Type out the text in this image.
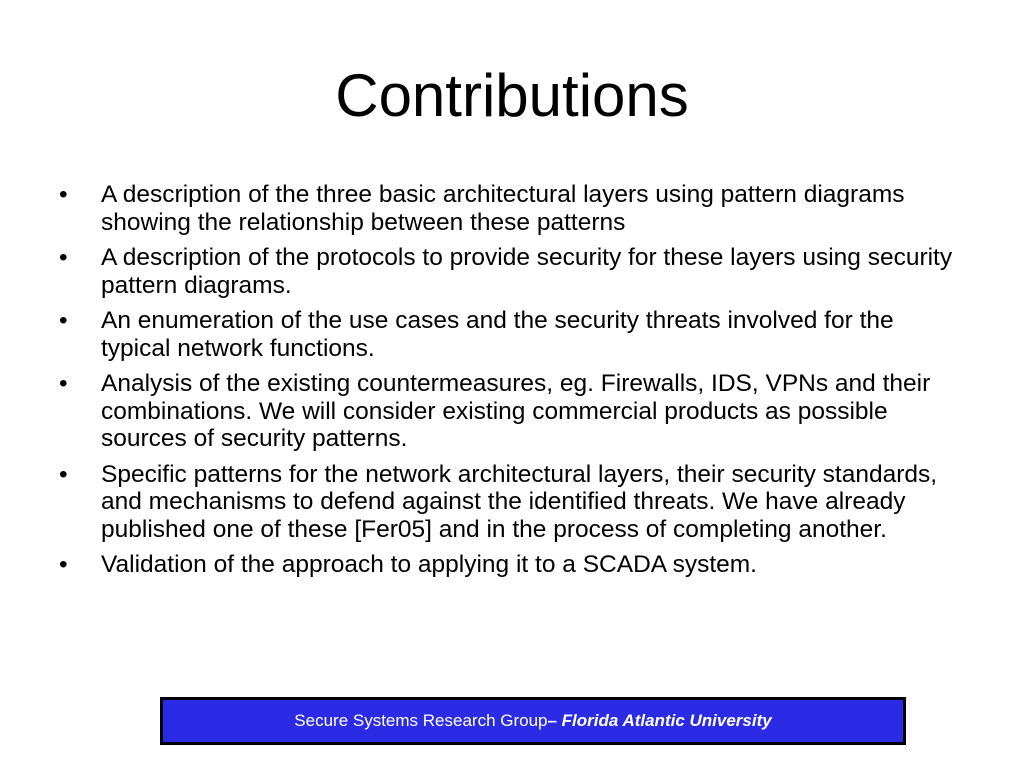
Contributions
•	A description of the three basic architectural layers using pattern diagrams showing the relationship between these patterns
•	A description of the protocols to provide security for these layers using security pattern diagrams.
•	An enumeration of the use cases and the security threats involved for the typical network functions.
•	Analysis of the existing countermeasures, eg. Firewalls, IDS, VPNs and their combinations. We will consider existing commercial products as possible sources of security patterns.
•	Specific patterns for the network architectural layers, their security standards, and mechanisms to defend against the identified threats. We have already published one of these [Fer05] and in the process of completing another.
•	Validation of the approach to applying it to a SCADA system.
Secure Systems Research Group – Florida Atlantic University
